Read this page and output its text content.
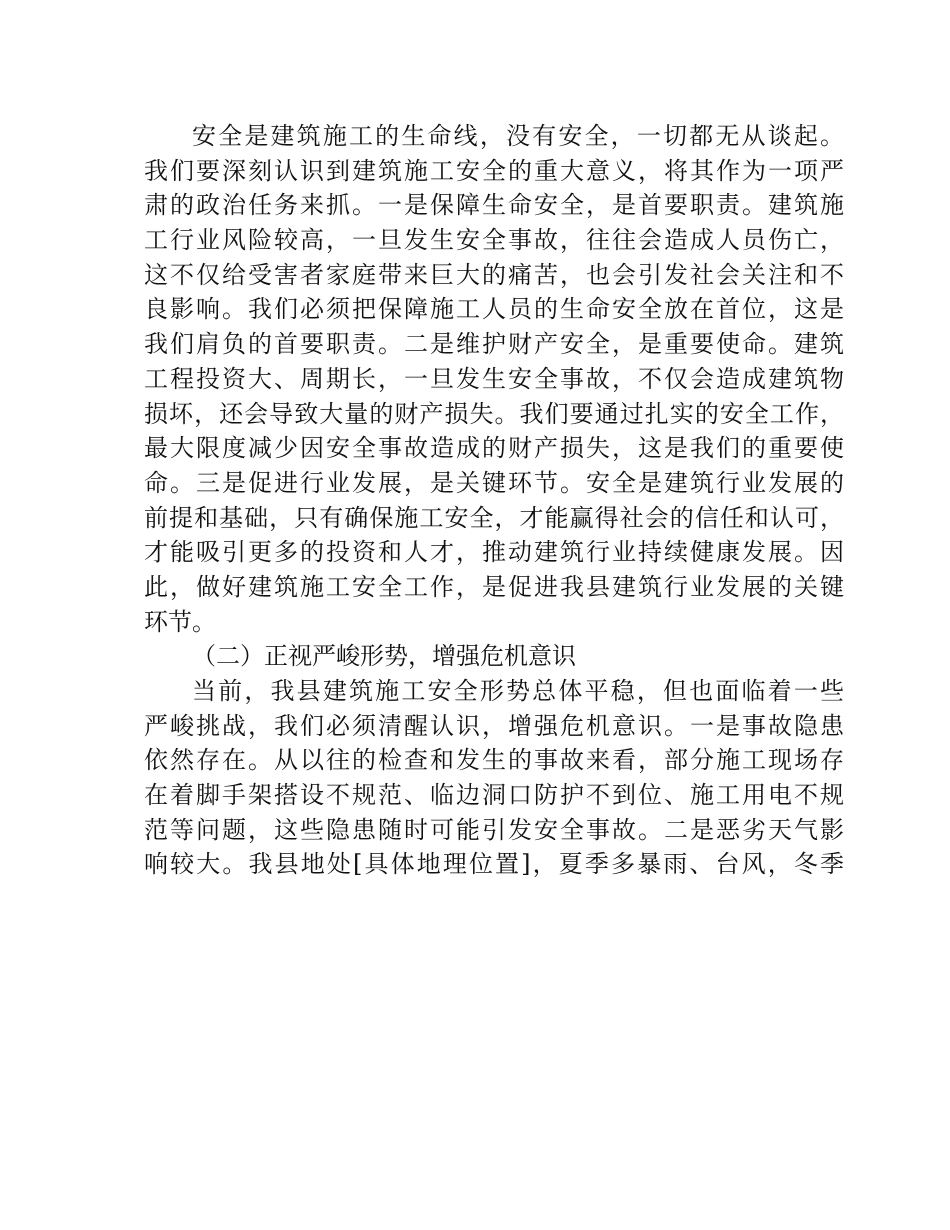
安全是建筑施工的生命线，没有安全，一切都无从谈起。
我们要深刻认识到建筑施工安全的重大意义，将其作为一项严
肃的政治任务来抓。一是保障生命安全，是首要职责。建筑施
工行业风险较高，一旦发生安全事故，往往会造成人员伤亡，
这不仅给受害者家庭带来巨大的痛苦，也会引发社会关注和不
良影响。我们必须把保障施工人员的生命安全放在首位，这是
我们肩负的首要职责。二是维护财产安全，是重要使命。建筑
工程投资大、周期长，一旦发生安全事故，不仅会造成建筑物
损坏，还会导致大量的财产损失。我们要通过扎实的安全工作，
最大限度减少因安全事故造成的财产损失，这是我们的重要使
命。三是促进行业发展，是关键环节。安全是建筑行业发展的
前提和基础，只有确保施工安全，才能赢得社会的信任和认可，
才能吸引更多的投资和人才，推动建筑行业持续健康发展。因
此，做好建筑施工安全工作，是促进我县建筑行业发展的关键
环节。
（二）正视严峻形势，增强危机意识
当前，我县建筑施工安全形势总体平稳，但也面临着一些
严峻挑战，我们必须清醒认识，增强危机意识。一是事故隐患
依然存在。从以往的检查和发生的事故来看，部分施工现场存
在着脚手架搭设不规范、临边洞口防护不到位、施工用电不规
范等问题，这些隐患随时可能引发安全事故。二是恶劣天气影
响较大。我县地处[具体地理位置]，夏季多暴雨、台风，冬季
